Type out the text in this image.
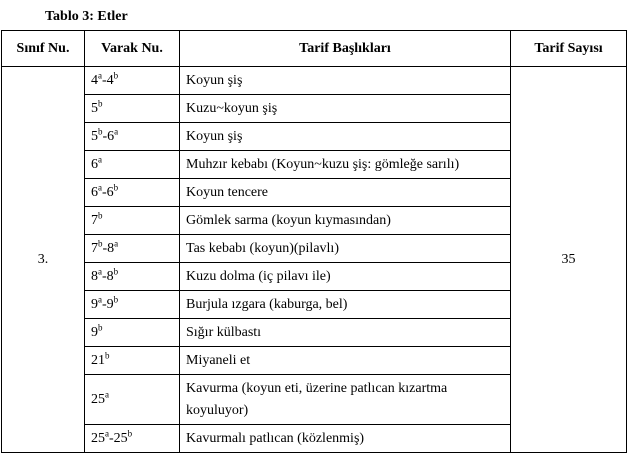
Tablo 3: Etler
Sınıf Nu.	Varak Nu.	Tarif Başlıkları	Tarif Sayısı
3.	4$^a$-4$^b$	Koyun şiş	35
	5$^b$	Kuzu~koyun şiş	
	5$^b$-6$^a$	Koyun şiş	
	6$^a$	Muhzır kebabı (Koyun~kuzu şiş: gömleğe sarılı)	
	6$^a$-6$^b$	Koyun tencere	
	7$^b$	Gömlek sarma (koyun kıymasından)	
	7$^b$-8$^a$	Tas kebabı (koyun)(pilavlı)	
	8$^a$-8$^b$	Kuzu dolma (iç pilavı ile)	
	9$^a$-9$^b$	Burjula ızgara (kaburga, bel)	
	9$^b$	Sığır külbastı	
	21$^b$	Miyaneli et	
	25$^a$	Kavurma (koyun eti, üzerine patlıcan kızartma koyuluyor)	
	25$^a$-25$^b$	Kavurmalı patlıcan (közlenmiş)	
